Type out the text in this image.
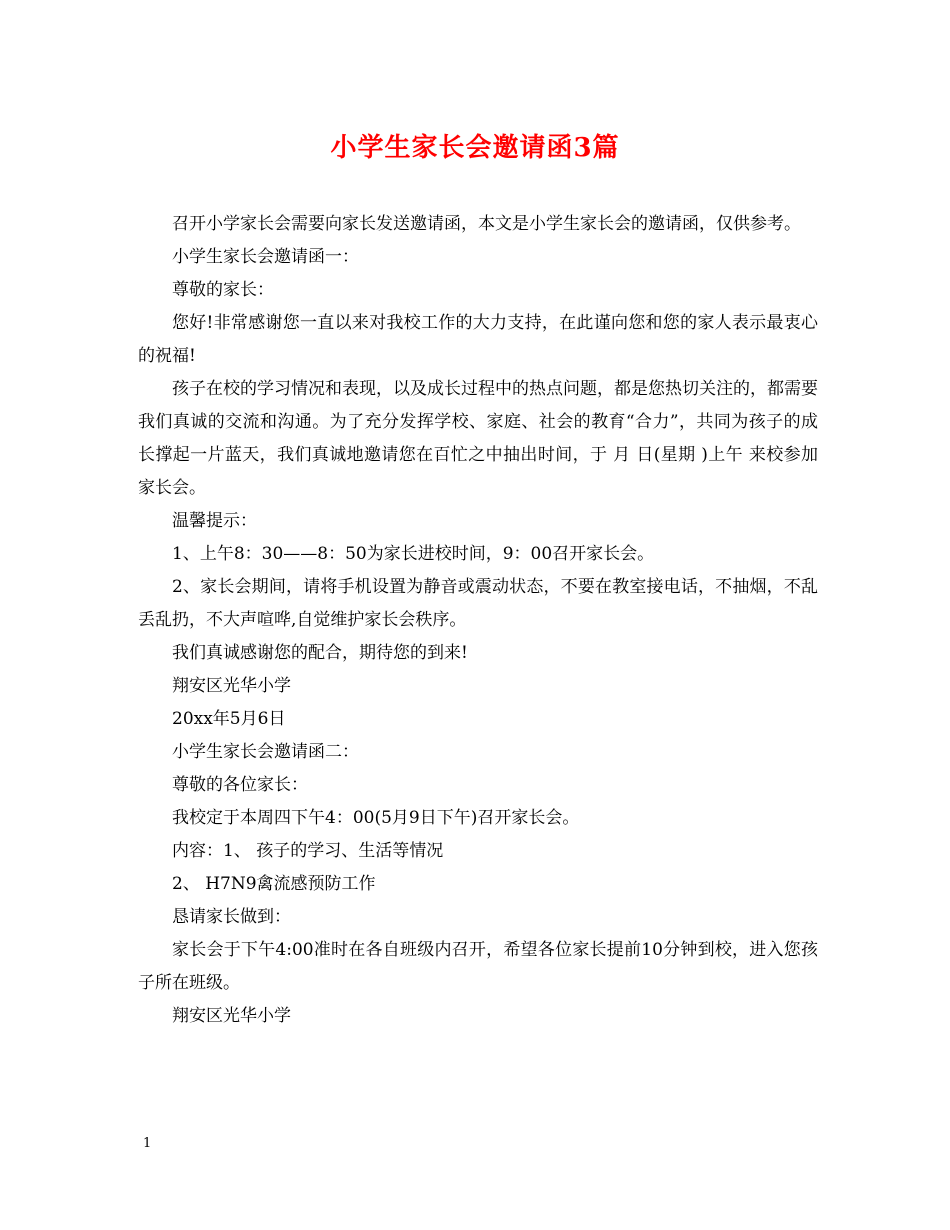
小学生家长会邀请函3篇

召开小学家长会需要向家长发送邀请函，本文是小学生家长会的邀请函，仅供参考。

小学生家长会邀请函一：

尊敬的家长：

您好!非常感谢您一直以来对我校工作的大力支持，在此谨向您和您的家人表示最衷心的祝福!

孩子在校的学习情况和表现，以及成长过程中的热点问题，都是您热切关注的，都需要我们真诚的交流和沟通。为了充分发挥学校、家庭、社会的教育“合力”，共同为孩子的成长撑起一片蓝天，我们真诚地邀请您在百忙之中抽出时间，于 月 日(星期 )上午 来校参加家长会。

温馨提示：

1、上午8：30——8：50为家长进校时间，9：00召开家长会。

2、家长会期间，请将手机设置为静音或震动状态，不要在教室接电话，不抽烟，不乱丢乱扔，不大声喧哗,自觉维护家长会秩序。

我们真诚感谢您的配合，期待您的到来!

翔安区光华小学

20xx年5月6日

小学生家长会邀请函二：

尊敬的各位家长：

我校定于本周四下午4：00(5月9日下午)召开家长会。

内容：1、 孩子的学习、生活等情况

2、 H7N9禽流感预防工作

恳请家长做到：

家长会于下午4:00准时在各自班级内召开，希望各位家长提前10分钟到校，进入您孩子所在班级。

翔安区光华小学

1
